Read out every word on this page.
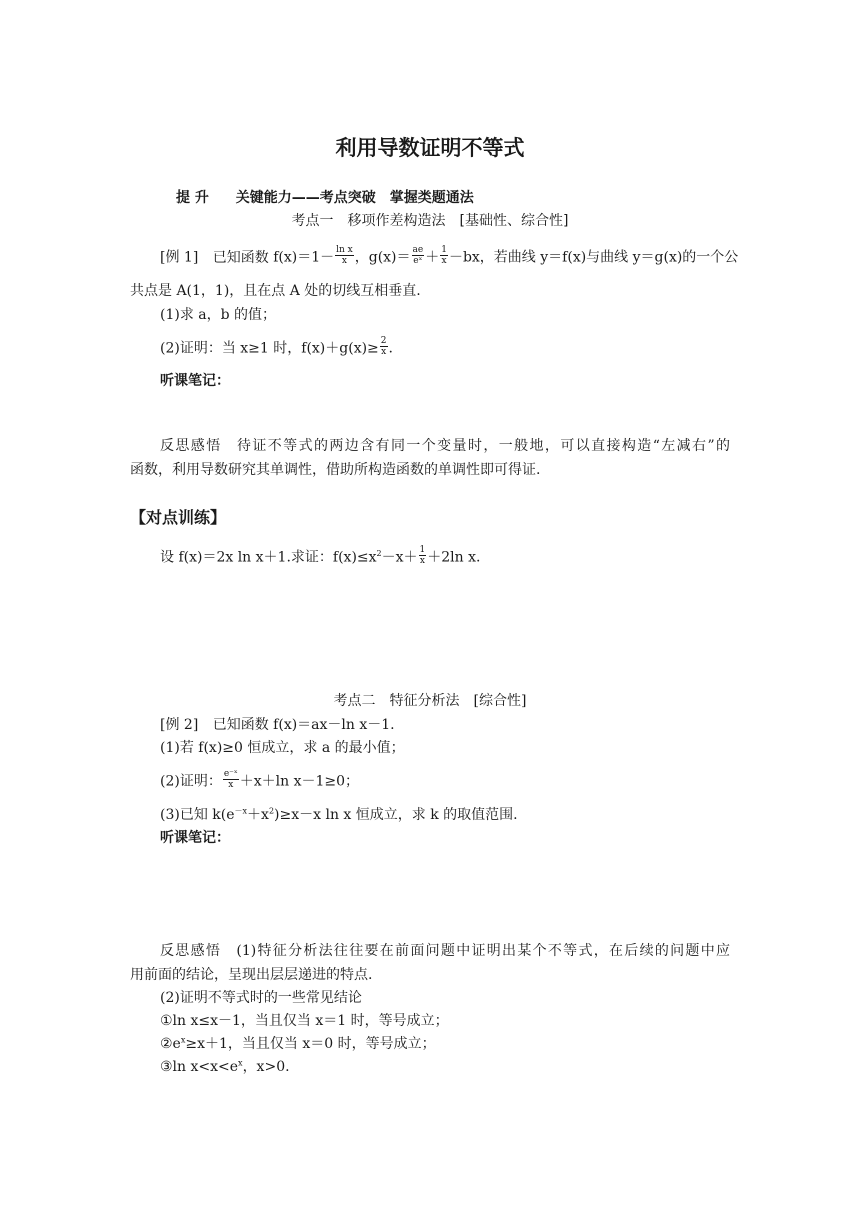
利用导数证明不等式
提 升 关键能力——考点突破　掌握类题通法
考点一　移项作差构造法　[基础性、综合性]
[例 1] 已知函数 $f(x)=1- \frac{\text{ln x}}{x}$ ，$g(x)= \frac{ae}{\text{eˣ}} + \frac{1}{x} -bx$，若曲线 y＝f(x)与曲线 y＝g(x)的一个公
共点是 A(1，1)，且在点 A 处的切线互相垂直.
(1)求 a，b 的值；
(2)证明：当 x≥1 时，$f(x)+g(x)\ge \frac{2}{x}$ .
听课笔记：
反思感悟　待证不等式的两边含有同一个变量时，一般地，可以直接构造“左减右”的
函数，利用导数研究其单调性，借助所构造函数的单调性即可得证.
【对点训练】
设 f(x)＝2x ln x＋1.求证：$f(x)\le x^2-x+ \frac{1}{x} +2\ln$ x.
考点二　特征分析法　[综合性]
[例 2] 已知函数 f(x)＝ax－ln x－1.
(1)若 f(x)≥0 恒成立，求 a 的最小值；
(2)证明： $\frac{\text{e⁻ˣ}}{x} +x+\ln$ x－1≥0；
(3)已知 $k(e^{-x}+x^2)\ge x-x$ ln x 恒成立，求 k 的取值范围.
听课笔记：
反思感悟　(1)特征分析法往往要在前面问题中证明出某个不等式，在后续的问题中应
用前面的结论，呈现出层层递进的特点.
(2)证明不等式时的一些常见结论
①ln x≤x－1，当且仅当 x＝1 时，等号成立；
$②e^x\ge x+1$，当且仅当 x＝0 时，等号成立；
③ln $x<x<e^x$，x>0.
